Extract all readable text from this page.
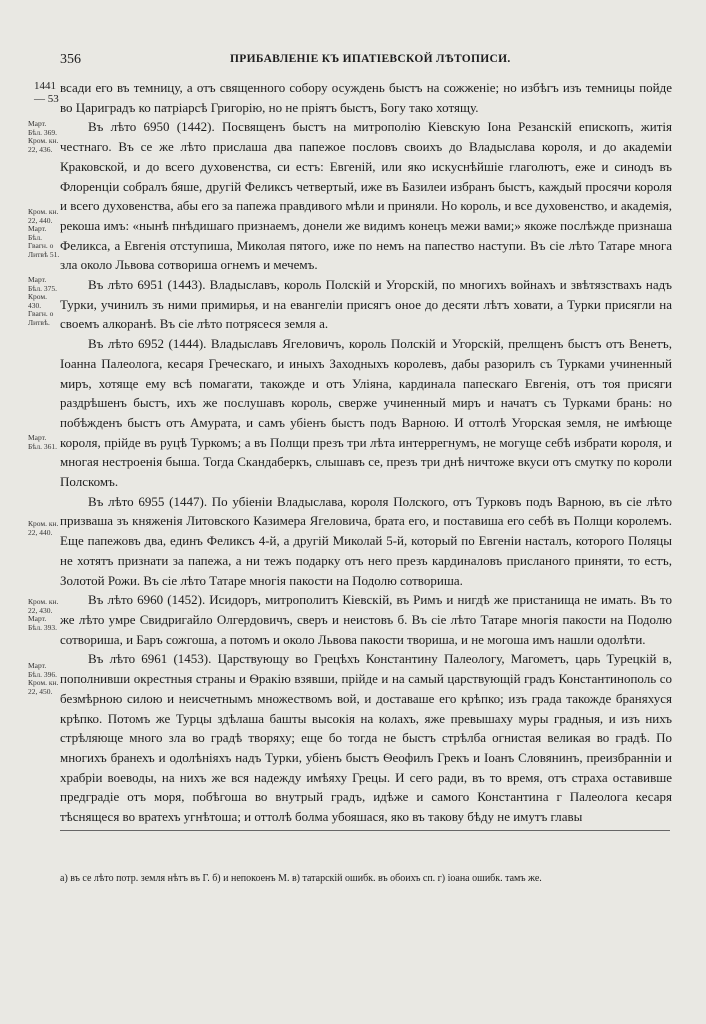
356	ПРИБАВЛЕНІЕ КЪ ИПАТІЕВСКОЙ ЛѢТОПИСИ.
1441 — 53
Март. Бѣл. 369. Кром. кн. 22, 436.
Кром. кн. 22, 440. Март. Бѣл. Гвагн. о Литвѣ 51.
Март. Бѣл. 375. Кром. 430. Гвагн. о Литвѣ.
Март. Бѣл. 361.
Кром. кн. 22, 440.
Кром. кн. 22, 430. Март. Бѣл. 393.
Март. Бѣл. 396. Кром. кн. 22, 450.

всади его въ темницу, а отъ священного собору осуждень быстъ на сожженіе; но избѣгъ изъ темницы пойде во Цариградъ ко патріарсѣ Григорію, но не пріятъ быстъ, Богу тако хотящу.

Въ лѣто 6950 (1442). Посвященъ быстъ на митрополію Кіевскую Іона Резанскій епископъ, житія честнаго. Въ се же лѣто прислаша два папежое пословъ своихъ до Владыслава короля, и до академіи Краковской, и до всего духовенства, си естъ: Евгеній, или яко искуснѣйшіе глаголютъ, еже и синодъ въ Флоренціи собралъ бяше, другій Феликсъ четвертый, иже въ Базилеи избранъ быстъ, каждый просячи короля и всего духовенства, абы его за папежа правдивого мѣли и приняли. Но король, и все духовенство, и академія, рекоша имъ: «нынѣ пнѣдишаго признаемъ, донели же видимъ конецъ межи вами;» якоже послѣжде признаша Феликса, а Евгенія отступиша, Миколая пятого, иже по немъ на папество наступи. Въ сіе лѣто Татаре многа зла около Львова сотвориша огнемъ и мечемъ.

Въ лѣто 6951 (1443). Владыславъ, король Полскій и Угорскій, по многихъ войнахъ и звѣтязствахъ надъ Турки, учинилъ зъ ними примирья, и на евангеліи присягъ оное до десяти лѣтъ ховати, а Турки присягли на своемъ алкоранѣ. Въ сіе лѣто потрясеся земля а.

Въ лѣто 6952 (1444). Владыславъ Ягеловичъ, король Полскій и Угорскій, прелщенъ быстъ отъ Венетъ, Іоанна Палеолога, кесаря Греческаго, и иныхъ Заходныхъ королевъ, дабы разорилъ съ Турками учиненный миръ, хотяще ему всѣ помагати, такожде и отъ Уліяна, кардинала папескаго Евгенія, отъ тоя присяги раздрѣшенъ быстъ, ихъ же послушавъ король, сверже учиненный миръ и начатъ съ Турками брань: но побѣжденъ быстъ отъ Амурата, и самъ убіенъ быстъ подъ Варною. И оттолѣ Угорская земля, не имѣюще короля, прійде въ руцѣ Туркомъ; а въ Полщи презъ три лѣта интеррегнумъ, не могуще себѣ избрати короля, и многая нестроенія быша. Тогда Скандаберкъ, слышавъ се, презъ три днѣ ничтоже вкуси отъ смутку по короли Полскомъ.

Въ лѣто 6955 (1447). По убіеніи Владыслава, короля Полского, отъ Турковъ подъ Варною, въ сіе лѣто призваша зъ княженія Литовского Казимера Ягеловича, брата его, и поставиша его себѣ въ Полщи королемъ. Еще папежовъ два, единъ Феликсъ 4-й, а другій Миколай 5-й, который по Евгеніи насталъ, которого Поляцы не хотятъ признати за папежа, а ни тежъ подарку отъ него презъ кардиналовъ присланого приняти, то естъ, Золотой Рожи. Въ сіе лѣто Татаре многія пакости на Подолю сотвориша.

Въ лѣто 6960 (1452). Исидоръ, митрополитъ Кіевскій, въ Римъ и нигдѣ же пристанища не имать. Въ то же лѣто умре Свидригайло Олгердовичъ, сверъ и неистовъ б. Въ сіе лѣто Татаре многія пакости на Подолю сотвориша, и Баръ сожгоша, а потомъ и около Львова пакости твориша, и не могоша имъ нашли одолѣти.

Въ лѣто 6961 (1453). Царствующу во Грецѣхъ Константину Палеологу, Магометъ, царь Турецкій в, пополнивши окрестныя страны и Ѳракію взявши, прійде и на самый царствующій градъ Константинополь со безмѣрною силою и неисчетнымъ множествомъ вой, и доставаше его крѣпко; изъ града такожде браняхуся крѣпко. Потомъ же Турцы здѣлаша башты высокія на колахъ, яже превышаху муры градныя, и изъ нихъ стрѣляюще много зла во градѣ творяху; еще бо тогда не быстъ стрѣлба огнистая великая во градѣ. По многихъ бранехъ и одолѣніяхъ надъ Турки, убіенъ быстъ Ѳеофилъ Грекъ и Іоанъ Словянинъ, преизбранніи и храбріи воеводы, на нихъ же вся надежду имѣяху Грецы. И сего ради, въ то время, отъ страха оставивше предградіе отъ моря, побѣгоша во внутрый градъ, идѣже и самого Константина г Палеолога кесаря тѣснящеся во вратехъ угнѣтоша; и оттолѣ болма убояшася, яко въ такову бѣду не имутъ главы

а) въ се лѣто потр. земля нѣтъ въ Г. б) и непокоенъ М. в) татарскій ошибк. въ обоихъ сп. г) іоана ошибк. тамъ же.
